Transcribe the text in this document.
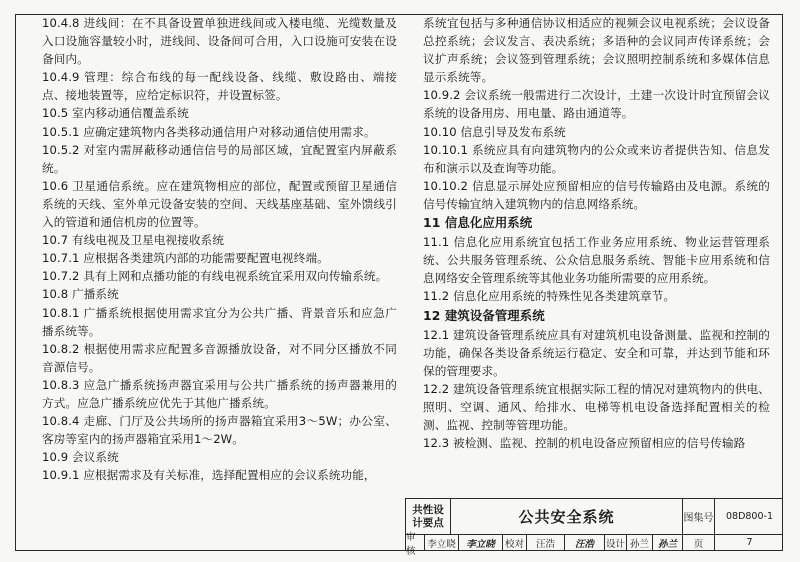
10.4.8 进线间：在不具备设置单独进线间或入楼电缆、光缆数量及入口设施容量较小时，进线间、设备间可合用，入口设施可安装在设备间内。

10.4.9 管理：综合布线的每一配线设备、线缆、敷设路由、端接点、接地装置等，应给定标识符，并设置标签。

10.5 室内移动通信覆盖系统

10.5.1 应确定建筑物内各类移动通信用户对移动通信使用需求。

10.5.2 对室内需屏蔽移动通信信号的局部区域，宜配置室内屏蔽系统。

10.6 卫星通信系统。应在建筑物相应的部位，配置或预留卫星通信系统的天线、室外单元设备安装的空间、天线基座基础、室外馈线引入的管道和通信机房的位置等。

10.7 有线电视及卫星电视接收系统

10.7.1 应根据各类建筑内部的功能需要配置电视终端。

10.7.2 具有上网和点播功能的有线电视系统宜采用双向传输系统。

10.8 广播系统

10.8.1 广播系统根据使用需求宜分为公共广播、背景音乐和应急广播系统等。

10.8.2 根据使用需求应配置多音源播放设备，对不同分区播放不同音源信号。

10.8.3 应急广播系统扬声器宜采用与公共广播系统的扬声器兼用的方式。应急广播系统应优先于其他广播系统。

10.8.4 走廊、门厅及公共场所的扬声器箱宜采用3～5W；办公室、客房等室内的扬声器箱宜采用1～2W。

10.9 会议系统

10.9.1 应根据需求及有关标准，选择配置相应的会议系统功能，

系统宜包括与多种通信协议相适应的视频会议电视系统；会议设备总控系统；会议发言、表决系统；多语种的会议同声传译系统；会议扩声系统；会议签到管理系统；会议照明控制系统和多媒体信息显示系统等。

10.9.2 会议系统一般需进行二次设计，土建一次设计时宜预留会议系统的设备用房、用电量、路由通道等。

10.10 信息引导及发布系统

10.10.1 系统应具有向建筑物内的公众或来访者提供告知、信息发布和演示以及查询等功能。

10.10.2 信息显示屏处应预留相应的信号传输路由及电源。系统的信号传输宜纳入建筑物内的信息网络系统。

11 信息化应用系统

11.1 信息化应用系统宜包括工作业务应用系统、物业运营管理系统、公共服务管理系统、公众信息服务系统、智能卡应用系统和信息网络安全管理系统等其他业务功能所需要的应用系统。

11.2 信息化应用系统的特殊性见各类建筑章节。

12 建筑设备管理系统

12.1 建筑设备管理系统应具有对建筑机电设备测量、监视和控制的功能，确保各类设备系统运行稳定、安全和可靠，并达到节能和环保的管理要求。

12.2 建筑设备管理系统宜根据实际工程的情况对建筑物内的供电、照明、空调、通风、给排水、电梯等机电设备选择配置相关的检测、监视、控制等管理功能。

12.3 被检测、监视、控制的机电设备应预留相应的信号传输路

共性设
计要点	公共安全系统	图集号	08D800-1
审核
李立晓	李立晓	校对	汪浩	汪浩	设计 孙兰 孙兰	页	7
